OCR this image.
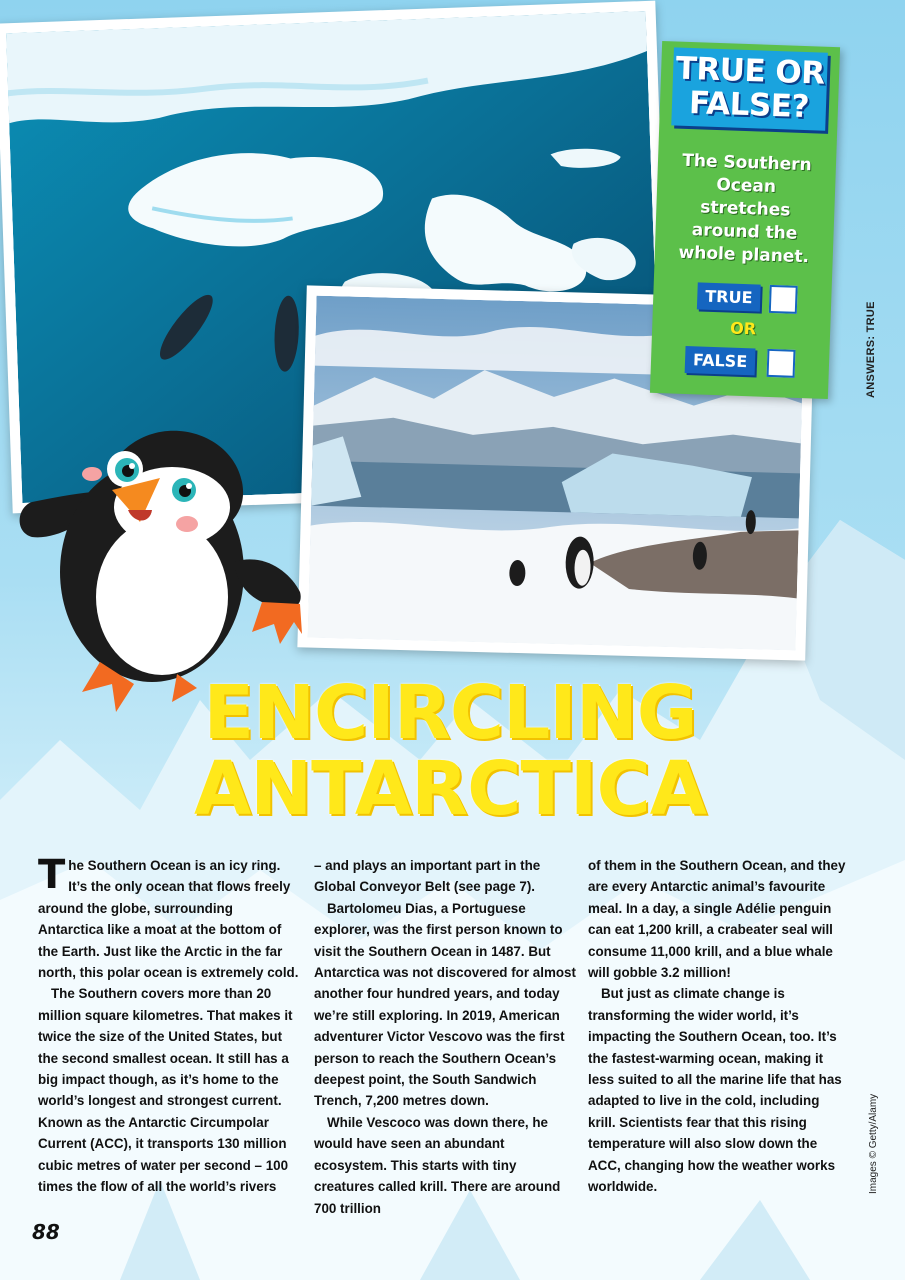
TRUE OR
FALSE?
The Southern
Ocean
stretches
around the
whole planet.
TRUE
OR
FALSE	ANSWERS: TRUE
ENCIRCLING
ANTARCTICA

The Southern Ocean is an icy ring. It’s the only ocean that flows freely around the globe, surrounding Antarctica like a moat at the bottom of the Earth. Just like the Arctic in the far north, this polar ocean is extremely cold.

The Southern covers more than 20 million square kilometres. That makes it twice the size of the United States, but the second smallest ocean. It still has a big impact though, as it’s home to the world’s longest and strongest current. Known as the Antarctic Circumpolar Current (ACC), it transports 130 million cubic metres of water per second – 100 times the flow of all the world’s rivers

– and plays an important part in the Global Conveyor Belt (see page 7).

Bartolomeu Dias, a Portuguese explorer, was the first person known to visit the Southern Ocean in 1487. But Antarctica was not discovered for almost another four hundred years, and today we’re still exploring. In 2019, American adventurer Victor Vescovo was the first person to reach the Southern Ocean’s deepest point, the South Sandwich Trench, 7,200 metres down.

While Vescoco was down there, he would have seen an abundant ecosystem. This starts with tiny creatures called krill. There are around 700 trillion

of them in the Southern Ocean, and they are every Antarctic animal’s favourite meal. In a day, a single Adélie penguin can eat 1,200 krill, a crabeater seal will consume 11,000 krill, and a blue whale will gobble 3.2 million!

But just as climate change is transforming the wider world, it’s impacting the Southern Ocean, too. It’s the fastest-warming ocean, making it less suited to all the marine life that has adapted to live in the cold, including krill. Scientists fear that this rising temperature will also slow down the ACC, changing how the weather works worldwide.

88
Images © Getty/Alamy
